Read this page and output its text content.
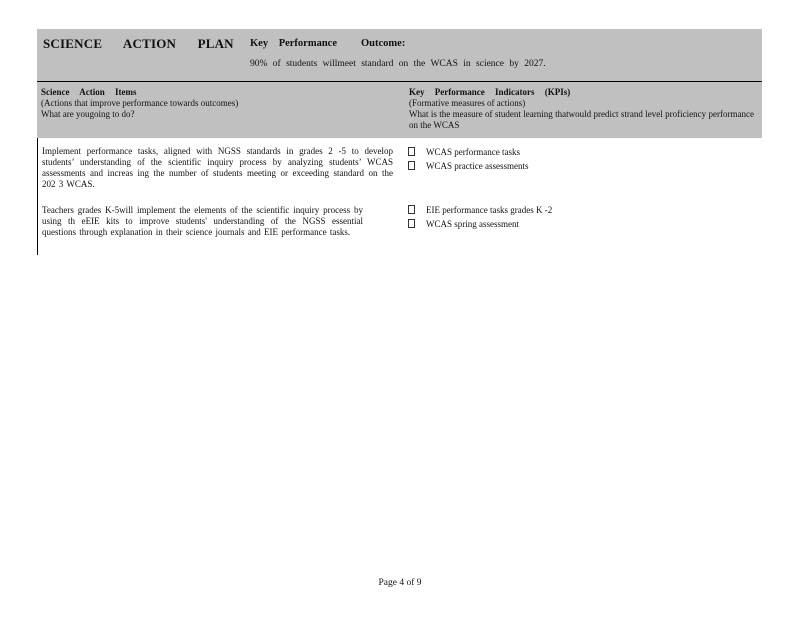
SCIENCE ACTION PLAN Key Performance Outcome:
90% of students willmeet standard on the WCAS in science by 2027.
Science Action Items
(Actions that improve performance towards outcomes)
What are yougoing to do?
Key Performance Indicators (KPIs)
(Formative measures of actions)
What is the measure of student learning thatwould predict strand level proficiency performance on the WCAS
Implement performance tasks, aligned with NGSS standards in grades 2 -5 to develop students’ understanding of the scientific inquiry process by analyzing students’ WCAS assessments and increas ing the number of students meeting or exceeding standard on the 202 3 WCAS.
WCAS performance tasks
WCAS practice assessments
Teachers grades K-5will implement the elements of the scientific inquiry process by using th eEIE kits to improve students' understanding of the NGSS essential questions through explanation in their science journals and EIE performance tasks.
EIE performance tasks grades K -2
WCAS spring assessment
Page 4 of 9
